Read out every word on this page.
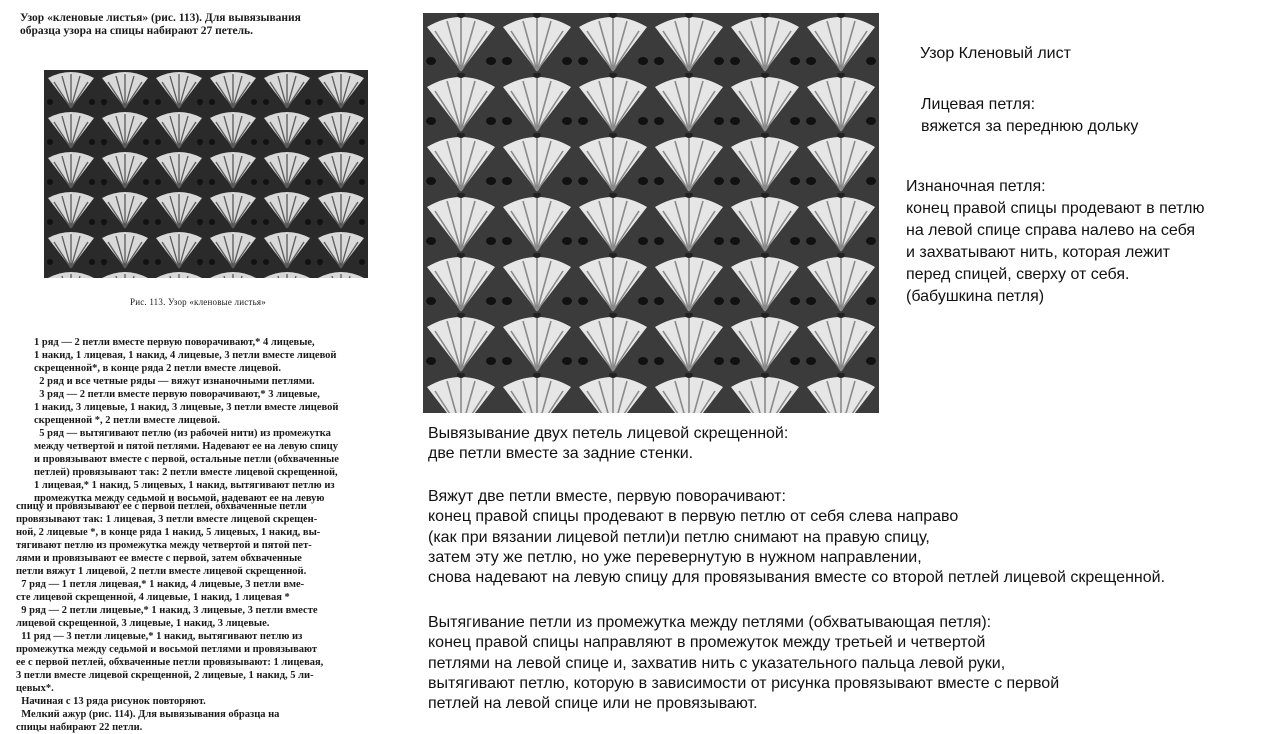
Узор «кленовые листья» (рис. 113). Для вывязывания
образца узора на спицы набирают 27 петель.
Рис. 113. Узор «кленовые листья»
1 ряд — 2 петли вместе первую поворачивают,* 4 лицевые,
1 накид, 1 лицевая, 1 накид, 4 лицевые, 3 петли вместе лицевой
скрещенной*, в конце ряда 2 петли вместе лицевой.
2 ряд и все четные ряды — вяжут изнаночными петлями.
3 ряд — 2 петли вместе первую поворачивают,* 3 лицевые,
1 накид, 3 лицевые, 1 накид, 3 лицевые, 3 петли вместе лицевой
скрещенной *, 2 петли вместе лицевой.
5 ряд — вытягивают петлю (из рабочей нити) из промежутка
между четвертой и пятой петлями. Надевают ее на левую спицу
и провязывают вместе с первой, остальные петли (обхваченные
петлей) провязывают так: 2 петли вместе лицевой скрещенной,
1 лицевая,* 1 накид, 5 лицевых, 1 накид, вытягивают петлю из
промежутка между седьмой и восьмой, надевают ее на левую
спицу и провязывают ее с первой петлей, обхваченные петли
провязывают так: 1 лицевая, 3 петли вместе лицевой скрещен-
ной, 2 лицевые *, в конце ряда 1 накид, 5 лицевых, 1 накид, вы-
тягивают петлю из промежутка между четвертой и пятой пет-
лями и провязывают ее вместе с первой, затем обхваченные
петли вяжут 1 лицевой, 2 петли вместе лицевой скрещенной.
7 ряд — 1 петля лицевая,* 1 накид, 4 лицевые, 3 петли вме-
сте лицевой скрещенной, 4 лицевые, 1 накид, 1 лицевая *
9 ряд — 2 петли лицевые,* 1 накид, 3 лицевые, 3 петли вместе
лицевой скрещенной, 3 лицевые, 1 накид, 3 лицевые.
11 ряд — 3 петли лицевые,* 1 накид, вытягивают петлю из
промежутка между седьмой и восьмой петлями и провязывают
ее с первой петлей, обхваченные петли провязывают: 1 лицевая,
3 петли вместе лицевой скрещенной, 2 лицевые, 1 накид, 5 ли-
цевых*.
Начиная с 13 ряда рисунок повторяют.
Мелкий ажур (рис. 114). Для вывязывания образца на
спицы набирают 22 петли.
Узор Кленовый лист
Лицевая петля:
вяжется за переднюю дольку
Изнаночная петля:
конец правой спицы продевают в петлю
на левой спице справа налево на себя
и захватывают нить, которая лежит
перед спицей, сверху от себя.
(бабушкина петля)
Вывязывание двух петель лицевой скрещенной:
две петли вместе за задние стенки.
Вяжут две петли вместе, первую поворачивают:
конец правой спицы продевают в первую петлю от себя слева направо
(как при вязании лицевой петли)и петлю снимают на правую спицу,
затем эту же петлю, но уже перевернутую в нужном направлении,
снова надевают на левую спицу для провязывания вместе со второй петлей лицевой скрещенной.
Вытягивание петли из промежутка между петлями (обхватывающая петля):
конец правой спицы направляют в промежуток между третьей и четвертой
петлями на левой спице и, захватив нить с указательного пальца левой руки,
вытягивают петлю, которую в зависимости от рисунка провязывают вместе с первой
петлей на левой спице или не провязывают.
